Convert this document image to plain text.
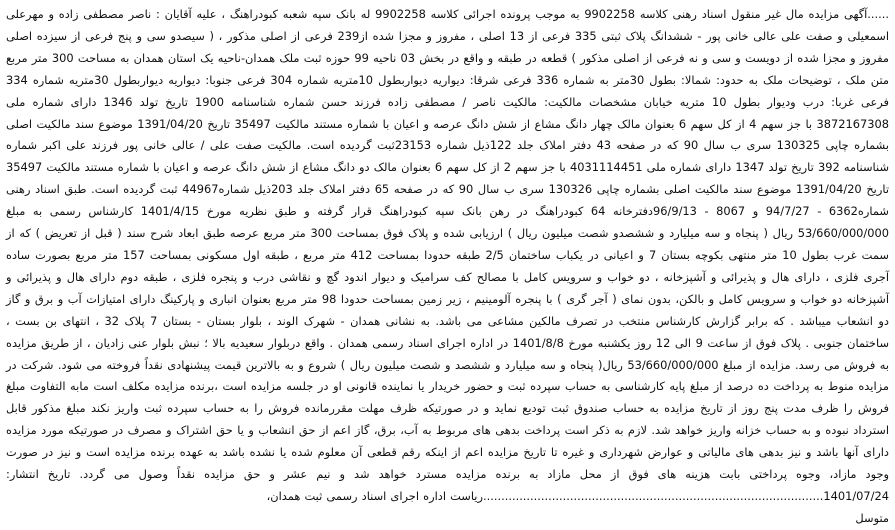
......آگهی مزایده مال غیر منقول اسناد رهنی کلاسه 9902258 به موجب پرونده اجرائی کلاسه 9902258 له بانک سپه شعبه کبودراهنگ ، علیه آقایان : ناصر مصطفی زاده و مهرعلی اسمعیلی و صفت علی عالی خانی پور - ششدانگ پلاک ثبتی 335 فرعی از 13 اصلی ، مفروز و مجزا شده از239 فرعی از اصلی مذکور ، ( سیصدو سی و پنج فرعی از سیزده اصلی مفروز و مجزا شده از دویست و سی و نه فرعی از اصلی مذکور ) قطعه در طبقه و واقع در بخش 03 ناحیه 99 حوزه ثبت ملک همدان-ناحیه یک استان همدان به مساحت 300 متر مربع متن ملک ، توضیحات ملک به حدود: شمالا: بطول 30متر به شماره 336 فرعی شرقا: دیواریه دیواربطول 10متریه شماره 304 فرعی جنوبا: دیواریه دیواربطول 30متریه شماره 334 فرعی غربا: درب ودیوار بطول 10 متریه خیابان مشخصات مالکیت: مالکیت ناصر / مصطفی زاده فرزند حسن شماره شناسنامه 1900 تاریخ تولد 1346 دارای شماره ملی 3872167308 با جز سهم 4 از کل سهم 6 بعنوان مالک چهار دانگ مشاع از شش دانگ عرصه و اعیان با شماره مستند مالکیت 35497 تاریخ 1391/04/20 موضوع سند مالکیت اصلی بشماره چاپی 130325 سری ب سال 90 که در صفحه 43 دفتر املاک جلد 122ذیل شماره 23153ثبت گردیده است. مالکیت صفت علی / عالی خانی پور فرزند علی اکبر شماره شناسنامه 392 تاریخ تولد 1347 دارای شماره ملی 4031114451 با جز سهم 2 از کل سهم 6 بعنوان مالک دو دانگ مشاع از شش دانگ عرصه و اعیان با شماره مستند مالکیت 35497 تاریخ 1391/04/20 موضوع سند مالکیت اصلی بشماره چاپی 130326 سری ب سال 90 که در صفحه 65 دفتر املاک جلد 203ذیل شماره44967 ثبت گردیده است. طبق اسناد رهنی شماره6362 - 94/7/27 و 8067 - 96/9/13دفترخانه 64 کبودراهنگ در رهن بانک سپه کبودراهنگ قرار گرفته و طبق نظریه مورخ 1401/4/15 کارشناس رسمی به مبلغ 53/660/000/000 ریال ( پنجاه و سه میلیارد و ششصدو شصت میلیون ریال ) ارزیابی شده و پلاک فوق بمساحت 300 متر مربع عرصه طبق ابعاد شرح سند ( قبل از تعریض ) که از سمت غرب بطول 10 متر منتهی بکوچه بستان 7 و اعیانی در یکباب ساختمان 2/5 طبقه حدودا بمساحت 412 متر مربع ، طبقه اول مسکونی بمساحت 157 متر مربع بصورت ساده آجری فلزی ، دارای هال و پذیرائی و آشپزخانه ، دو خواب و سرویس کامل با مصالح کف سرامیک و دیوار اندود گچ و نقاشی درب و پنجره فلزی ، طبقه دوم دارای هال و پذیرائی و آشپزخانه دو خواب و سرویس کامل و بالکن، بدون نمای ( آجر گری ) با پنجره آلومینیم ، زیر زمین بمساحت حدودا 98 متر مربع بعنوان انباری و پارکینگ دارای امتیازات آب و برق و گاز دو انشعاب میباشد . که برابر گزارش کارشناس منتخب در تصرف مالکین مشاعی می باشد. به نشانی همدان - شهرک الوند ، بلوار بستان - بستان 7 پلاک 32 ، انتهای بن بست ، ساختمان جنوبی . پلاک فوق از ساعت 9 الی 12 روز یکشنبه مورخ 1401/8/8 در اداره اجرای اسناد رسمی همدان . واقع دربلوار سعیدیه بالا ؛ نبش بلوار عنی زادیان ، از طریق مزایده به فروش می رسد. مزایده از مبلغ 53/660/000/000 ریال( پنجاه و سه میلیارد و ششصد و شصت میلیون ریال ) شروع و به بالاترین قیمت پیشنهادی نقداً فروخته می شود. شرکت در مزایده منوط به پرداخت ده درصد از مبلغ پایه کارشناسی به حساب سپرده ثبت و حضور خریدار یا نماینده قانونی او در جلسه مزایده است ،برنده مزایده مکلف است مابه التفاوت مبلغ فروش را ظرف مدت پنج روز از تاریخ مزایده به حساب صندوق ثبت تودیع نماید و در صورتیکه ظرف مهلت مقررمانده فروش را به حساب سپرده ثبت واریز نکند مبلغ مذکور قابل استرداد نبوده و به حساب خزانه واریز خواهد شد. لازم به ذکر است پرداخت بدهی های مربوط به آب، برق، گاز اعم از حق انشعاب و یا حق اشتراک و مصرف در صورتیکه مورد مزایده دارای آنها باشد و نیز بدهی های مالیاتی و عوارض شهرداری و غیره تا تاریخ مزایده اعم از اینکه رقم قطعی آن معلوم شده یا نشده باشد به عهده برنده مزایده است و نیز در صورت وجود مازاد، وجوه پرداختی بابت هزینه های فوق از محل مازاد به برنده مزایده مسترد خواهد شد و نیم عشر و حق مزایده نقداً وصول می گردد. تاریخ انتشار: 1401/07/24..............................................................................................ریاست اداره اجرای اسناد رسمی ثبت همدان،

متوسل
